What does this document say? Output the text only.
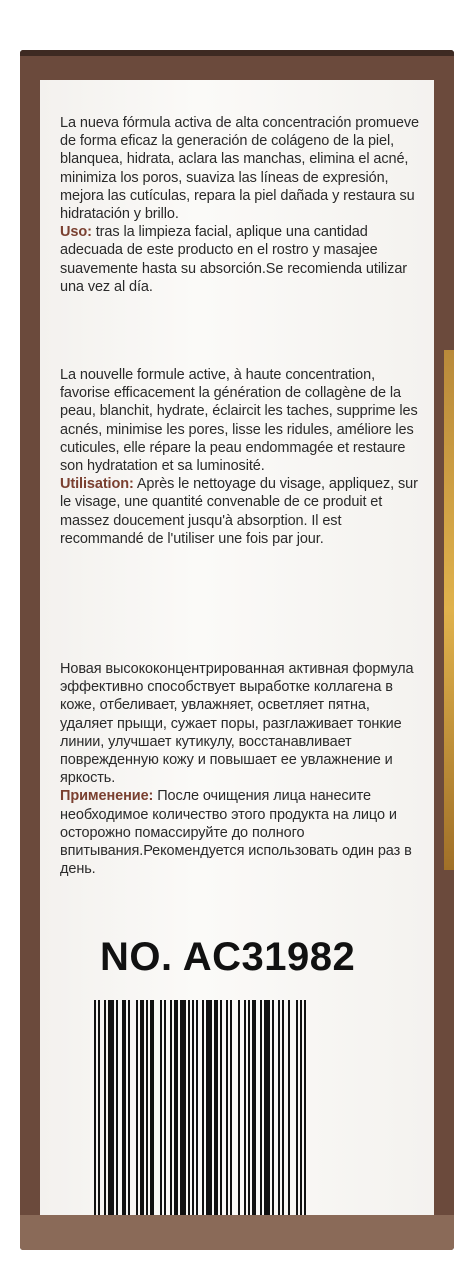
La nueva fórmula activa de alta concentración promueve de forma eficaz la generación de colágeno de la piel, blanquea, hidrata, aclara las manchas, elimina el acné, minimiza los poros, suaviza las líneas de expresión, mejora las cutículas, repara la piel dañada y restaura su hidratación y brillo.
Uso: tras la limpieza facial, aplique una cantidad adecuada de este producto en el rostro y masajee suavemente hasta su absorción.Se recomienda utilizar una vez al día.

La nouvelle formule active, à haute concentration, favorise efficacement la génération de collagène de la peau, blanchit, hydrate, éclaircit les taches, supprime les acnés, minimise les pores, lisse les ridules, améliore les cuticules, elle répare la peau endommagée et restaure son hydratation et sa luminosité.
Utilisation: Après le nettoyage du visage, appliquez, sur le visage, une quantité convenable de ce produit et massez doucement jusqu'à absorption. Il est recommandé de l'utiliser une fois par jour.

Новая высококонцентрированная активная формула эффективно способствует выработке коллагена в коже, отбеливает, увлажняет, осветляет пятна, удаляет прыщи, сужает поры, разглаживает тонкие линии, улучшает кутикулу, восстанавливает поврежденную кожу и повышает ее увлажнение и яркость.
Применение: После очищения лица нанесите необходимое количество этого продукта на лицо и осторожно помассируйте до полного впитывания.Рекомендуется использовать один раз в день.

NO. AC31982
